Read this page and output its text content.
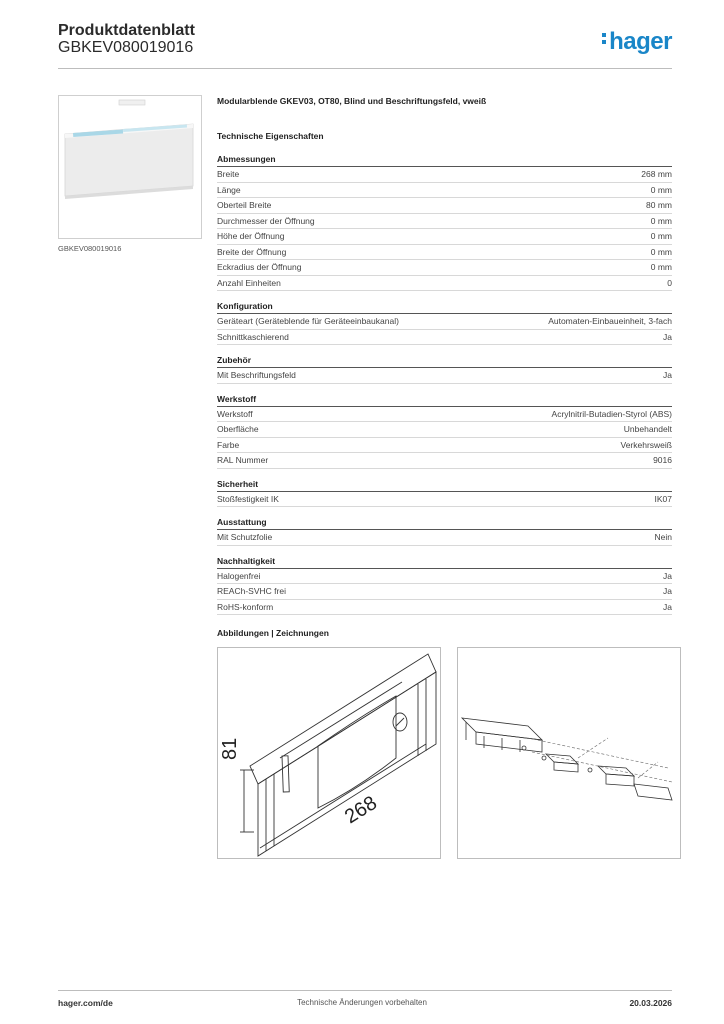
Produktdatenblatt
GBKEV080019016	hager
GBKEV080019016
Modularblende GKEV03, OT80, Blind und Beschriftungsfeld, vweiß
Technische Eigenschaften
Abmessungen
Breite	268 mm
Länge	0 mm
Oberteil Breite	80 mm
Durchmesser der Öffnung	0 mm
Höhe der Öffnung	0 mm
Breite der Öffnung	0 mm
Eckradius der Öffnung	0 mm
Anzahl Einheiten	0
Konfiguration
Geräteart (Geräteblende für Geräteeinbaukanal)	Automaten-Einbaueinheit, 3-fach
Schnittkaschierend	Ja
Zubehör
Mit Beschriftungsfeld	Ja
Werkstoff
Werkstoff	Acrylnitril-Butadien-Styrol (ABS)
Oberfläche	Unbehandelt
Farbe	Verkehrsweiß
RAL Nummer	9016
Sicherheit
Stoßfestigkeit IK	IK07
Ausstattung
Mit Schutzfolie	Nein
Nachhaltigkeit
Halogenfrei	Ja
REACh-SVHC frei	Ja
RoHS-konform	Ja
Abbildungen | Zeichnungen
81
268
hager.com/de	Technische Änderungen vorbehalten	20.03.2026
